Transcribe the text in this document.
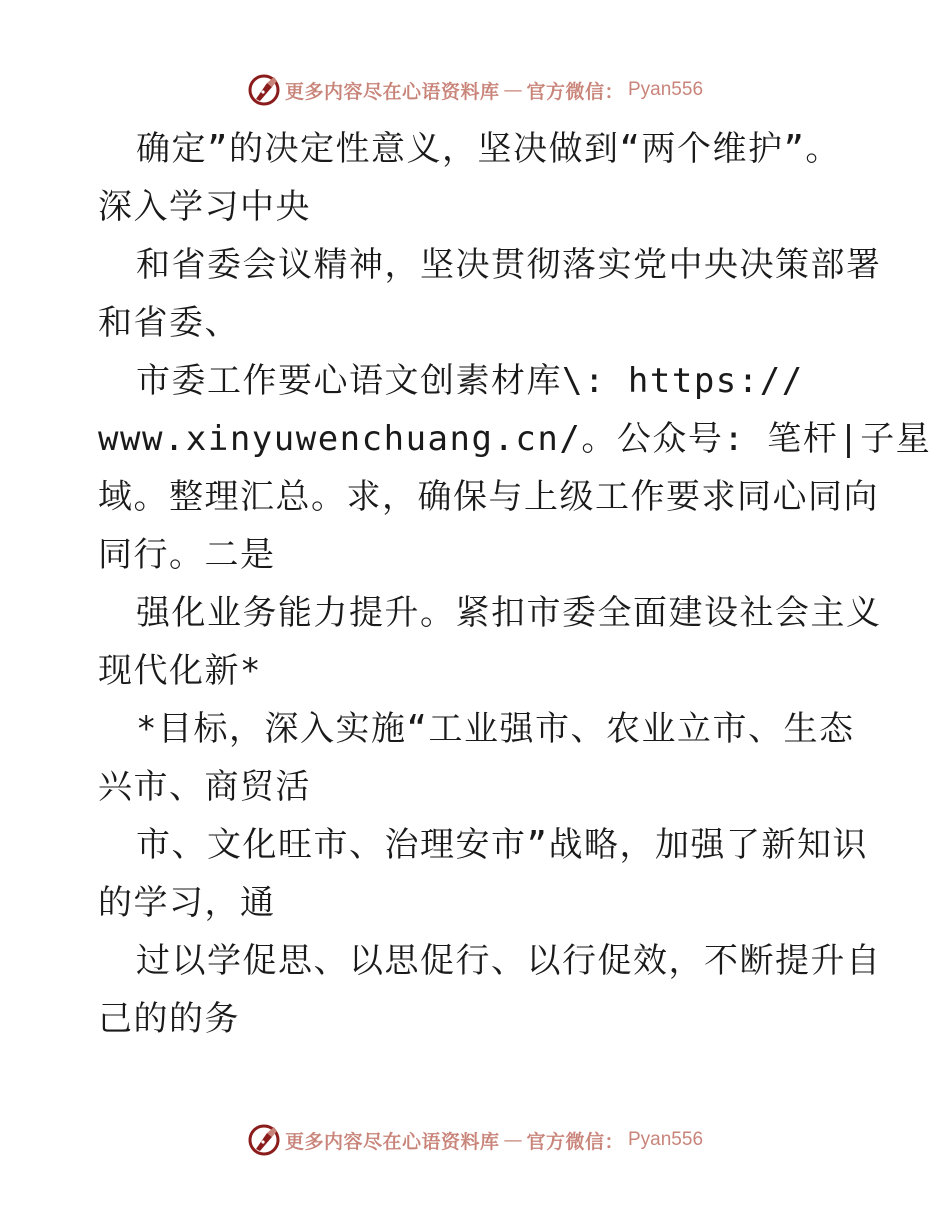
更多内容尽在心语资料库 — 官方微信： Pyan556
确定”的决定性意义，坚决做到“两个维护”。
深入学习中央
和省委会议精神，坚决贯彻落实党中央决策部署
和省委、
市委工作要心语文创素材库\: https://
www.xinyuwenchuang.cn/。公众号: 笔杆|子星
域。整理汇总。求，确保与上级工作要求同心同向
同行。二是
强化业务能力提升。紧扣市委全面建设社会主义
现代化新*
*目标，深入实施“工业强市、农业立市、生态
兴市、商贸活
市、文化旺市、治理安市”战略，加强了新知识
的学习，通
过以学促思、以思促行、以行促效，不断提升自
己的的务
更多内容尽在心语资料库 — 官方微信： Pyan556
